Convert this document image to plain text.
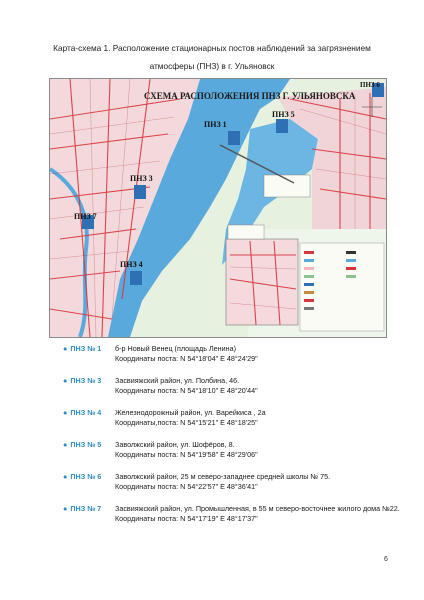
Карта-схема 1. Расположение стационарных постов наблюдений за загрязнением
атмосферы (ПНЗ) в г. Ульяновск
СХЕМА РАСПОЛОЖЕНИЯ ПНЗ Г. УЛЬЯНОВСКА
ПНЗ 1
ПНЗ 3
ПНЗ 4
ПНЗ 5
ПНЗ 6
ПНЗ 7
● ПНЗ № 1 б-р Новый Венец (площадь Ленина)
Координаты поста: N 54°18'04" E 48°24'29"
● ПНЗ № 3 Засвияжский район, ул. Полбина, 46.
Координаты поста: N 54°18'10" E 48°20'44"
● ПНЗ № 4 Железнодорожный район, ул. Варейкиса , 2а
Координаты,поста: N 54°15'21" E 48°18'25"
● ПНЗ № 5 Заволжский район, ул. Шофёров, 8.
Координаты поста: N 54°19'58" E 48°29'06"
● ПНЗ № 6 Заволжский район, 25 м северо-западнее средней школы № 75.
Координаты поста: N 54°22'57" E 48°36'41"
● ПНЗ № 7 Засвияжский район, ул. Промышленная, в 55 м северо-восточнее жилого дома №22.
Координаты поста: N 54°17'19" E 48°17'37"
6
